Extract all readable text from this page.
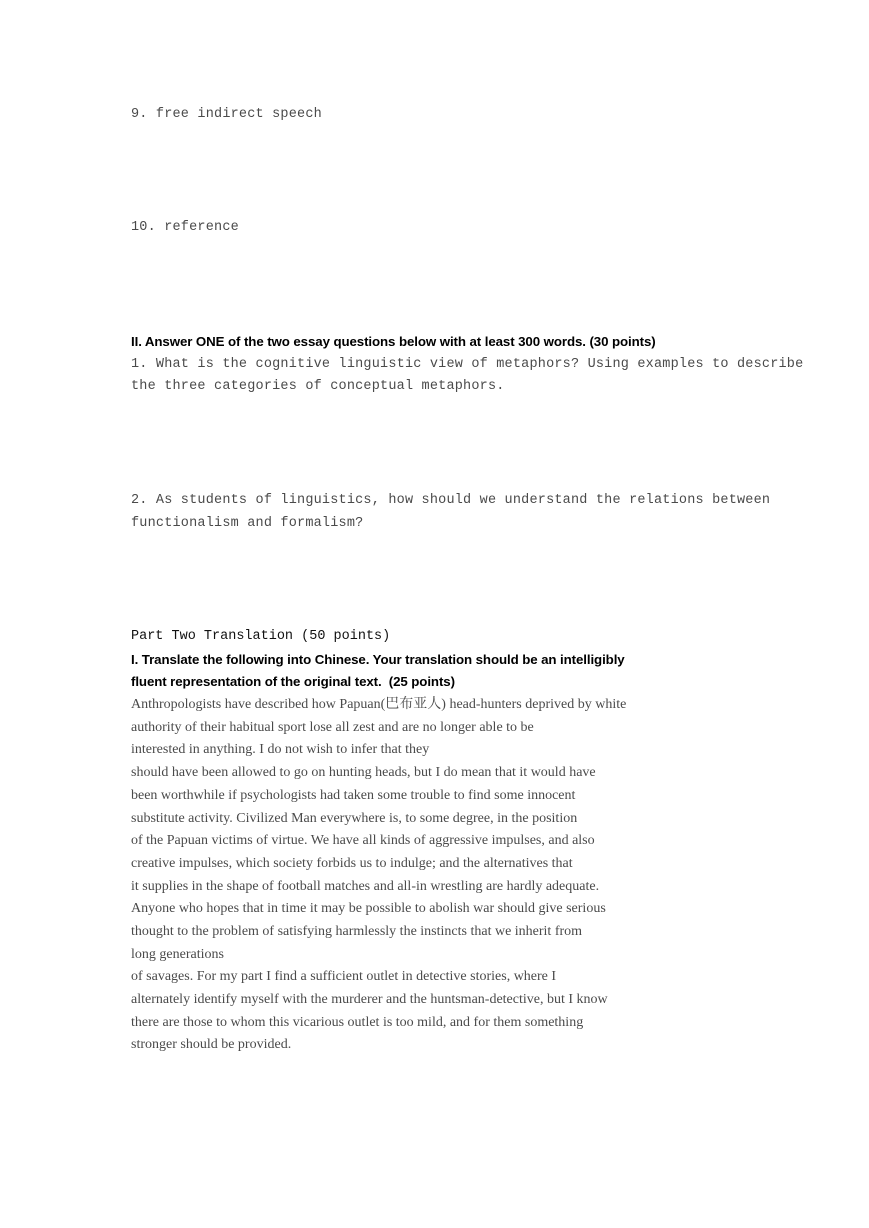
9. free indirect speech
10. reference
II. Answer ONE of the two essay questions below with at least 300 words. (30 points)
1. What is the cognitive linguistic view of metaphors? Using examples to describe
the three categories of conceptual metaphors.
2. As students of linguistics, how should we understand the relations between
functionalism and formalism?
Part Two Translation (50 points)
I. Translate the following into Chinese. Your translation should be an intelligibly
fluent representation of the original text.  (25 points)
Anthropologists have described how Papuan(巴布亚人) head-hunters deprived by white
authority of their habitual sport lose all zest and are no longer able to be
interested in anything. I do not wish to infer that they
should have been allowed to go on hunting heads, but I do mean that it would have
been worthwhile if psychologists had taken some trouble to find some innocent
substitute activity. Civilized Man everywhere is, to some degree, in the position
of the Papuan victims of virtue. We have all kinds of aggressive impulses, and also
creative impulses, which society forbids us to indulge; and the alternatives that
it supplies in the shape of football matches and all-in wrestling are hardly adequate.
Anyone who hopes that in time it may be possible to abolish war should give serious
thought to the problem of satisfying harmlessly the instincts that we inherit from
long generations
of savages. For my part I find a sufficient outlet in detective stories, where I
alternately identify myself with the murderer and the huntsman-detective, but I know
there are those to whom this vicarious outlet is too mild, and for them something
stronger should be provided.
